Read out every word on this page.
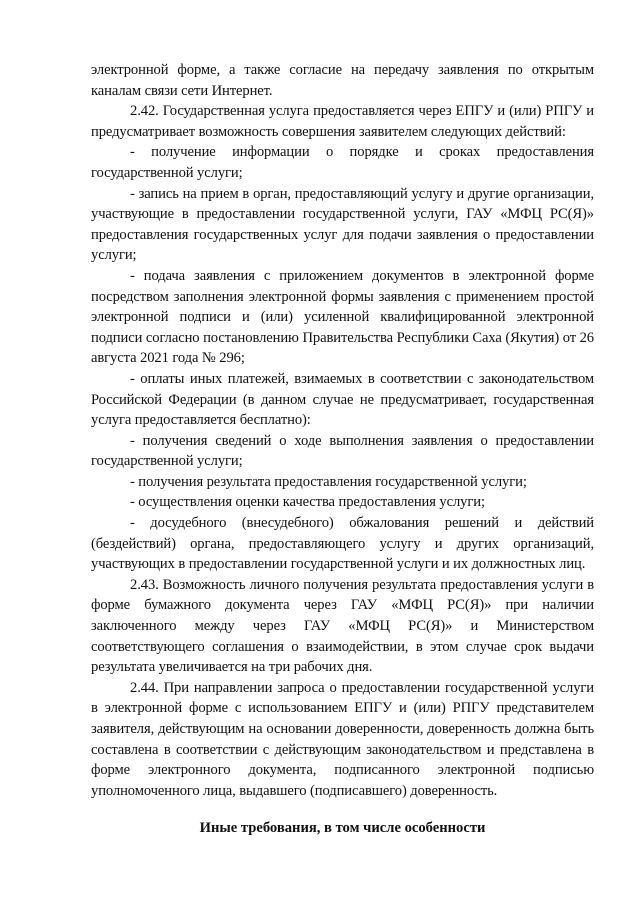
электронной форме, а также согласие на передачу заявления по открытым каналам связи сети Интернет.

2.42. Государственная услуга предоставляется через ЕПГУ и (или) РПГУ и предусматривает возможность совершения заявителем следующих действий:

- получение информации о порядке и сроках предоставления государственной услуги;

- запись на прием в орган, предоставляющий услугу и другие организации, участвующие в предоставлении государственной услуги, ГАУ «МФЦ РС(Я)» предоставления государственных услуг для подачи заявления о предоставлении услуги;

- подача заявления с приложением документов в электронной форме посредством заполнения электронной формы заявления с применением простой электронной подписи и (или) усиленной квалифицированной электронной подписи согласно постановлению Правительства Республики Саха (Якутия) от 26 августа 2021 года № 296;

- оплаты иных платежей, взимаемых в соответствии с законодательством Российской Федерации (в данном случае не предусматривает, государственная услуга предоставляется бесплатно):

- получения сведений о ходе выполнения заявления о предоставлении государственной услуги;

- получения результата предоставления государственной услуги;

- осуществления оценки качества предоставления услуги;

- досудебного (внесудебного) обжалования решений и действий (бездействий) органа, предоставляющего услугу и других организаций, участвующих в предоставлении государственной услуги и их должностных лиц.

2.43. Возможность личного получения результата предоставления услуги в форме бумажного документа через ГАУ «МФЦ РС(Я)» при наличии заключенного между через ГАУ «МФЦ РС(Я)» и Министерством соответствующего соглашения о взаимодействии, в этом случае срок выдачи результата увеличивается на три рабочих дня.

2.44. При направлении запроса о предоставлении государственной услуги в электронной форме с использованием ЕПГУ и (или) РПГУ представителем заявителя, действующим на основании доверенности, доверенность должна быть составлена в соответствии с действующим законодательством и представлена в форме электронного документа, подписанного электронной подписью уполномоченного лица, выдавшего (подписавшего) доверенность.

Иные требования, в том числе особенности
